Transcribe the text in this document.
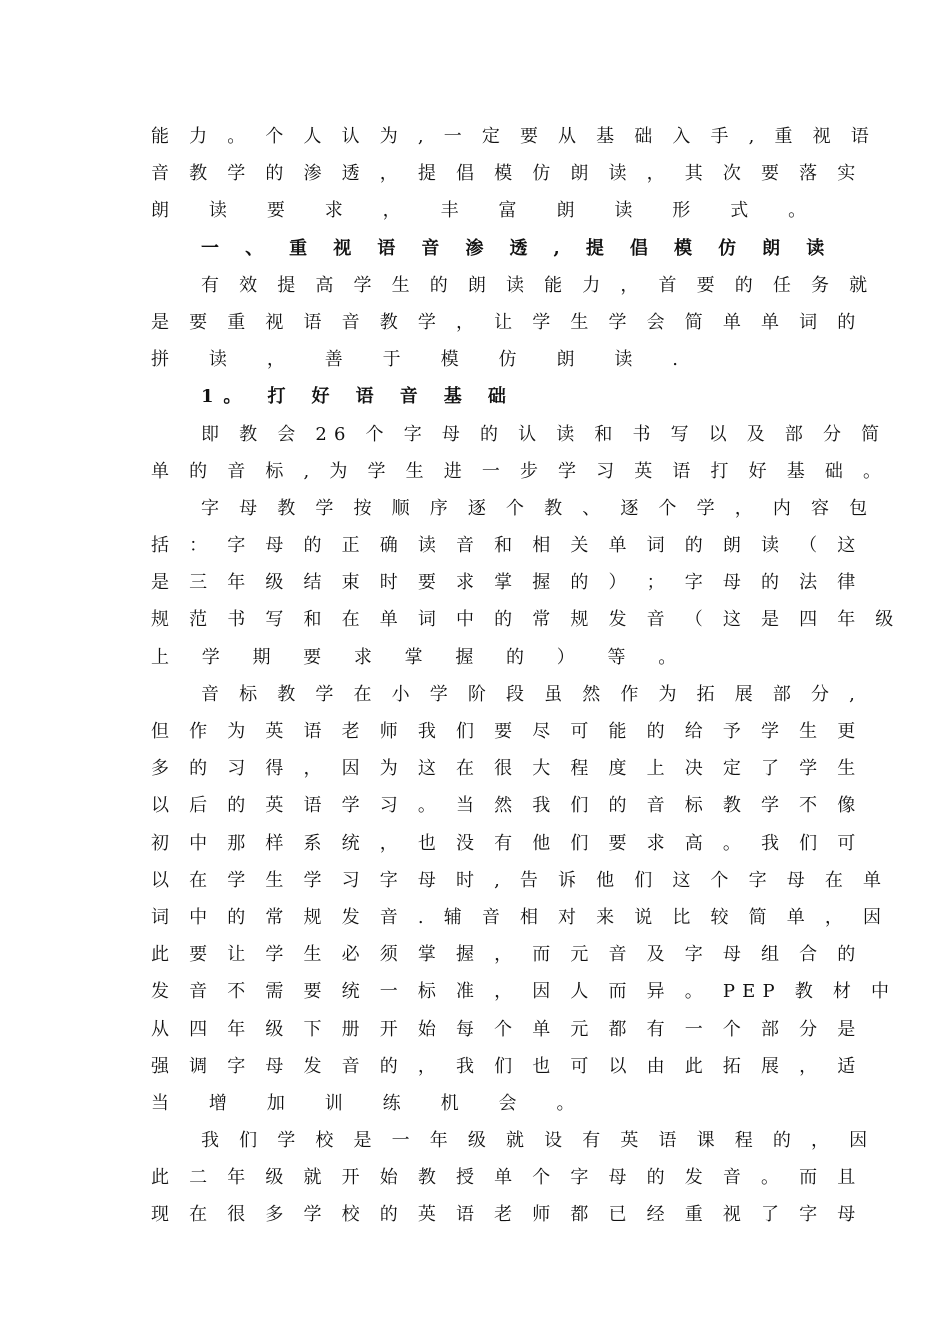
能 力 。 个 人 认 为 , 一 定 要 从 基 础 入 手 , 重 视 语
音 教 学 的 渗 透 ， 提 倡 模 仿 朗 读 ， 其 次 要 落 实
朗 读 要 求 ， 丰 富 朗 读 形 式 。
一 、 重 视 语 音 渗 透 , 提 倡 模 仿 朗 读
有 效 提 高 学 生 的 朗 读 能 力 ， 首 要 的 任 务 就
是 要 重 视 语 音 教 学 ， 让 学 生 学 会 简 单 单 词 的
拼 读 ， 善 于 模 仿 朗 读 .
1。 打 好 语 音 基 础
即 教 会 26 个 字 母 的 认 读 和 书 写 以 及 部 分 简
单 的 音 标 , 为 学 生 进 一 步 学 习 英 语 打 好 基 础 。
字 母 教 学 按 顺 序 逐 个 教 、 逐 个 学 ， 内 容 包
括 ： 字 母 的 正 确 读 音 和 相 关 单 词 的 朗 读 （ 这
是 三 年 级 结 束 时 要 求 掌 握 的 ） ； 字 母 的 法 律
规 范 书 写 和 在 单 词 中 的 常 规 发 音 （ 这 是 四 年 级
上 学 期 要 求 掌 握 的 ） 等 。
音 标 教 学 在 小 学 阶 段 虽 然 作 为 拓 展 部 分 ,
但 作 为 英 语 老 师 我 们 要 尽 可 能 的 给 予 学 生 更
多 的 习 得 ， 因 为 这 在 很 大 程 度 上 决 定 了 学 生
以 后 的 英 语 学 习 。 当 然 我 们 的 音 标 教 学 不 像
初 中 那 样 系 统 ， 也 没 有 他 们 要 求 高 。 我 们 可
以 在 学 生 学 习 字 母 时 , 告 诉 他 们 这 个 字 母 在 单
词 中 的 常 规 发 音 . 辅 音 相 对 来 说 比 较 简 单 ， 因
此 要 让 学 生 必 须 掌 握 ， 而 元 音 及 字 母 组 合 的
发 音 不 需 要 统 一 标 准 ， 因 人 而 异 。 PEP 教 材 中
从 四 年 级 下 册 开 始 每 个 单 元 都 有 一 个 部 分 是
强 调 字 母 发 音 的 ， 我 们 也 可 以 由 此 拓 展 ， 适
当 增 加 训 练 机 会 。
我 们 学 校 是 一 年 级 就 设 有 英 语 课 程 的 ， 因
此 二 年 级 就 开 始 教 授 单 个 字 母 的 发 音 。 而 且
现 在 很 多 学 校 的 英 语 老 师 都 已 经 重 视 了 字 母
